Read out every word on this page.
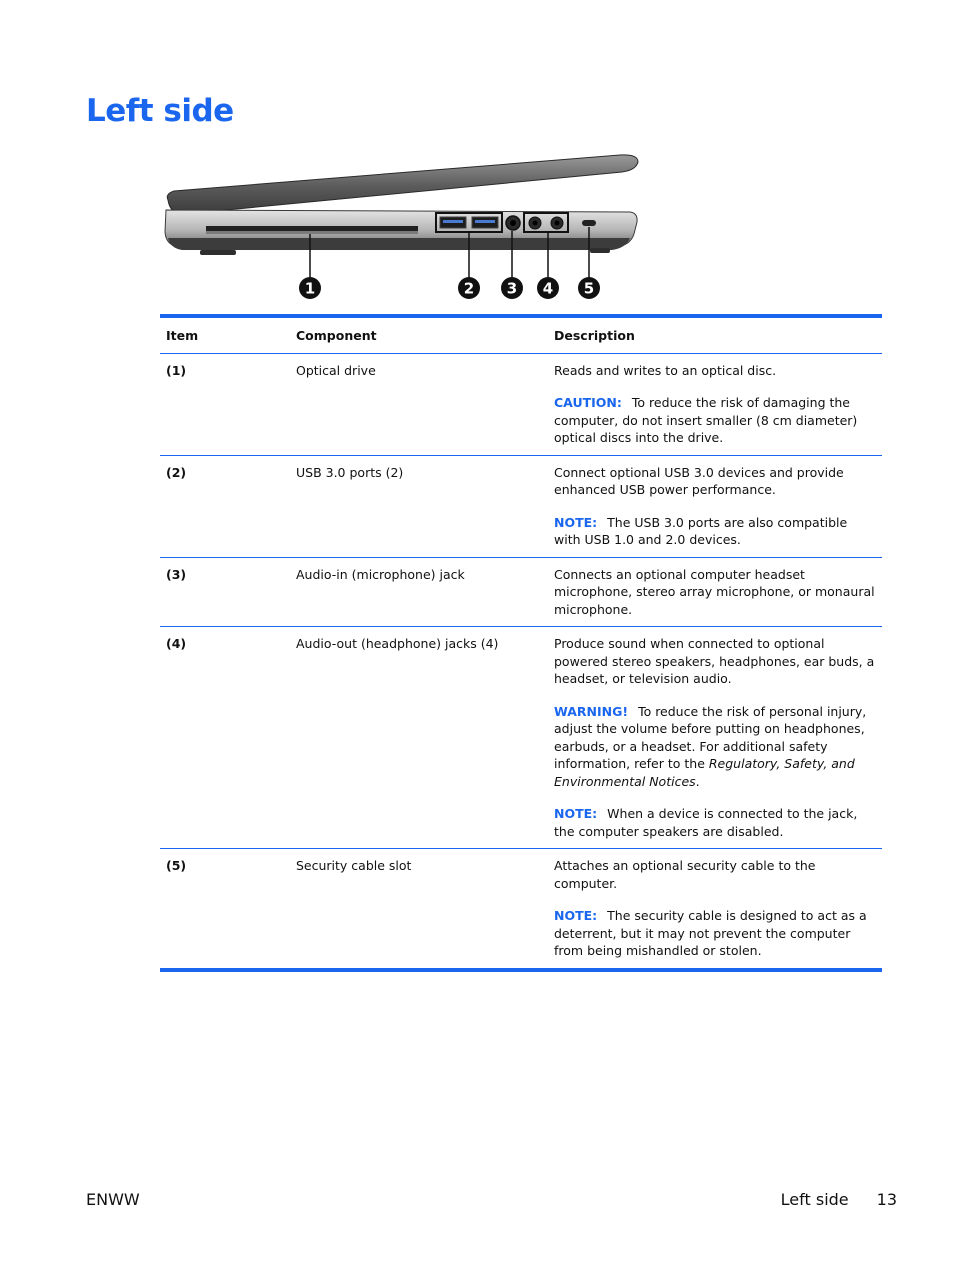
Left side
1	2 3 4 5
Item	Component	Description
(1)	Optical drive	Reads and writes to an optical disc.

CAUTION: To reduce the risk of damaging the computer, do not insert smaller (8 cm diameter) optical discs into the drive.

(2)	USB 3.0 ports (2)	Connect optional USB 3.0 devices and provide enhanced USB power performance.

NOTE: The USB 3.0 ports are also compatible with USB 1.0 and 2.0 devices.

(3)	Audio-in (microphone) jack	Connects an optional computer headset microphone, stereo array microphone, or monaural microphone.

(4)	Audio-out (headphone) jacks (4)	Produce sound when connected to optional powered stereo speakers, headphones, ear buds, a headset, or television audio.

WARNING! To reduce the risk of personal injury, adjust the volume before putting on headphones, earbuds, or a headset. For additional safety information, refer to the Regulatory, Safety, and Environmental Notices.

NOTE: When a device is connected to the jack, the computer speakers are disabled.

(5)	Security cable slot	Attaches an optional security cable to the computer.

NOTE: The security cable is designed to act as a deterrent, but it may not prevent the computer from being mishandled or stolen.

ENWW	Left side 13
